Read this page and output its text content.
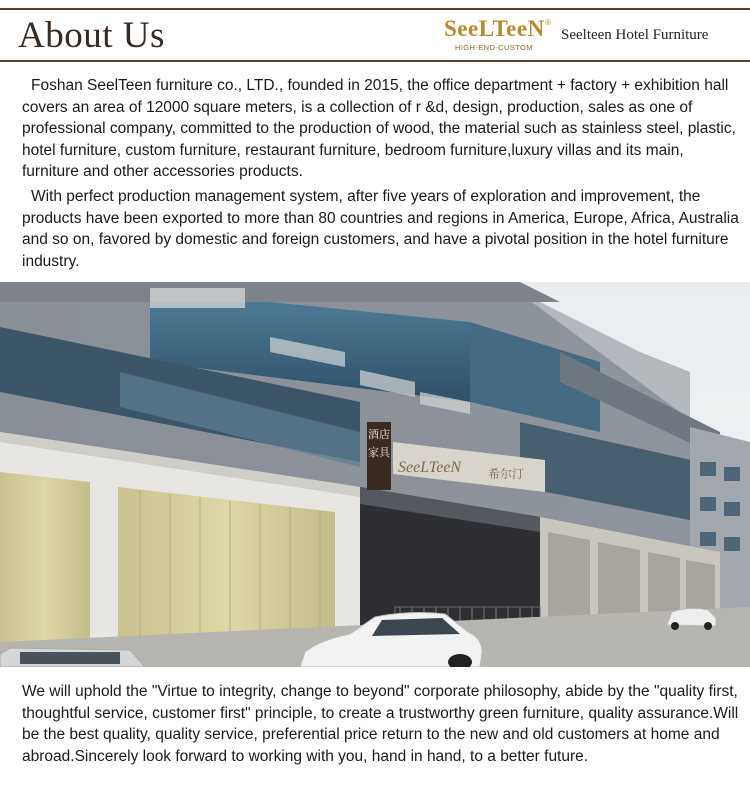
About Us	SeeLTeeN ®
HIGH-END-CUSTOM
Seelteen Hotel Furniture
Foshan SeelTeen furniture co., LTD., founded in 2015, the office department + factory + exhibition hall covers an area of 12000 square meters, is a collection of r &d, design, production, sales as one of professional company, committed to the production of wood, the material such as stainless steel, plastic, hotel furniture, custom furniture, restaurant furniture, bedroom furniture,luxury villas and its main, furniture and other accessories products.
With perfect production management system, after five years of exploration and improvement, the products have been exported to more than 80 countries and regions in America, Europe, Africa, Australia and so on, favored by domestic and foreign customers, and have a pivotal position in the hotel furniture industry.
酒店
家具
SeeLTeeN 希尔汀
We will uphold the "Virtue to integrity, change to beyond" corporate philosophy, abide by the "quality first, thoughtful service, customer first" principle, to create a trustworthy green furniture, quality assurance.Will be the best quality, quality service, preferential price return to the new and old customers at home and abroad.Sincerely look forward to working with you, hand in hand, to a better future.
